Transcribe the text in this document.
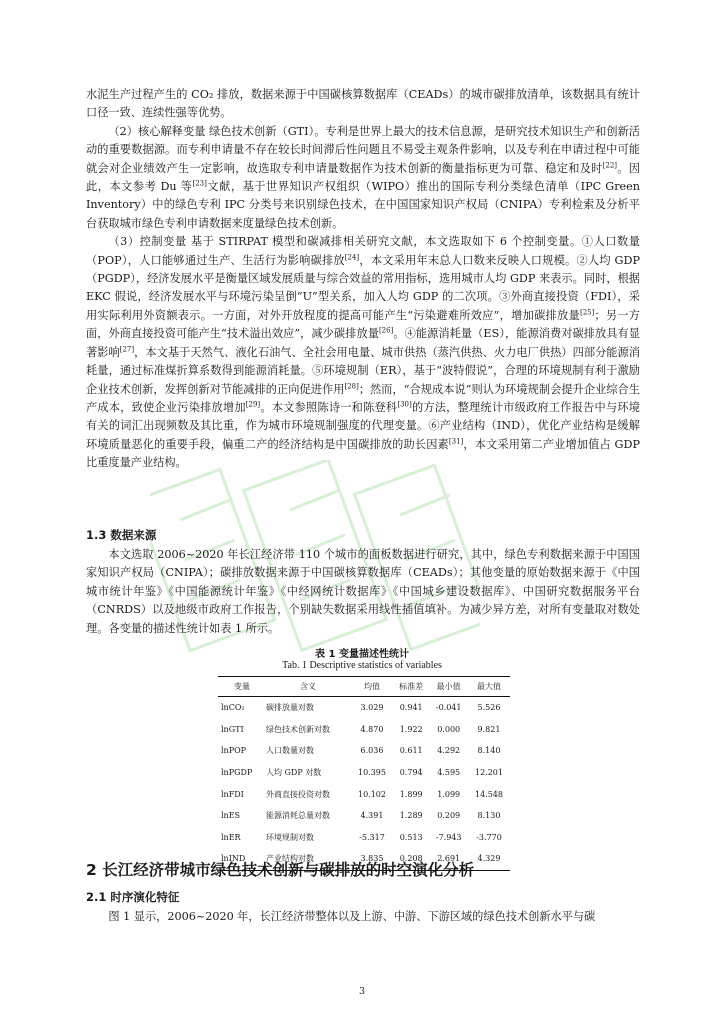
水泥生产过程产生的 CO₂ 排放，数据来源于中国碳核算数据库（CEADs）的城市碳排放清单，该数据具有统计口径一致、连续性强等优势。

（2）核心解释变量 绿色技术创新（GTI）。专利是世界上最大的技术信息源，是研究技术知识生产和创新活动的重要数据源。而专利申请量不存在较长时间滞后性问题且不易受主观条件影响，以及专利在申请过程中可能就会对企业绩效产生一定影响，故选取专利申请量数据作为技术创新的衡量指标更为可靠、稳定和及时[22]。因此，本文参考 Du 等[23]文献，基于世界知识产权组织（WIPO）推出的国际专利分类绿色清单（IPC Green Inventory）中的绿色专利 IPC 分类号来识别绿色技术，在中国国家知识产权局（CNIPA）专利检索及分析平台获取城市绿色专利申请数据来度量绿色技术创新。

（3）控制变量 基于 STIRPAT 模型和碳减排相关研究文献，本文选取如下 6 个控制变量。①人口数量（POP），人口能够通过生产、生活行为影响碳排放[24]，本文采用年末总人口数来反映人口规模。②人均 GDP（PGDP），经济发展水平是衡量区域发展质量与综合效益的常用指标，选用城市人均 GDP 来表示。同时，根据 EKC 假说，经济发展水平与环境污染呈倒“U”型关系，加入人均 GDP 的二次项。③外商直接投资（FDI），采用实际利用外资额表示。一方面，对外开放程度的提高可能产生“污染避难所效应”，增加碳排放量[25]；另一方面，外商直接投资可能产生“技术溢出效应”，减少碳排放量[26]。④能源消耗量（ES），能源消费对碳排放具有显著影响[27]，本文基于天然气、液化石油气、全社会用电量、城市供热（蒸汽供热、火力电厂供热）四部分能源消耗量，通过标准煤折算系数得到能源消耗量。⑤环境规制（ER），基于“波特假说”，合理的环境规制有利于激励企业技术创新，发挥创新对节能减排的正向促进作用[28]；然而，“合规成本说”则认为环境规制会提升企业综合生产成本，致使企业污染排放增加[29]。本文参照陈诗一和陈登科[30]的方法，整理统计市级政府工作报告中与环境有关的词汇出现频数及其比重，作为城市环境规制强度的代理变量。⑥产业结构（IND），优化产业结构是缓解环境质量恶化的重要手段，偏重二产的经济结构是中国碳排放的助长因素[31]，本文采用第二产业增加值占 GDP 比重度量产业结构。

1.3 数据来源

本文选取 2006~2020 年长江经济带 110 个城市的面板数据进行研究，其中，绿色专利数据来源于中国国家知识产权局（CNIPA）；碳排放数据来源于中国碳核算数据库（CEADs）；其他变量的原始数据来源于《中国城市统计年鉴》《中国能源统计年鉴》《中经网统计数据库》《中国城乡建设数据库》、中国研究数据服务平台（CNRDS）以及地级市政府工作报告，个别缺失数据采用线性插值填补。为减少异方差，对所有变量取对数处理。各变量的描述性统计如表 1 所示。

表 1 变量描述性统计
Tab. 1 Descriptive statistics of variables
变量	含义	均值	标准差	最小值	最大值
lnCO₂	碳排放量对数	3.029	0.941	-0.041	5.526
lnGTI	绿色技术创新对数	4.870	1.922	0.000	9.821
lnPOP	人口数量对数	6.036	0.611	4.292	8.140
lnPGDP	人均 GDP 对数	10.395	0.794	4.595	12.201
lnFDI	外商直接投资对数	10.102	1.899	1.099	14.548
lnES	能源消耗总量对数	4.391	1.289	0.209	8.130
lnER	环境规制对数	-5.317	0.513	-7.943	-3.770
lnIND	产业结构对数	3.835	0.208	2.691	4.329
2 长江经济带城市绿色技术创新与碳排放的时空演化分析
2.1 时序演化特征

图 1 显示，2006~2020 年，长江经济带整体以及上游、中游、下游区域的绿色技术创新水平与碳

3
